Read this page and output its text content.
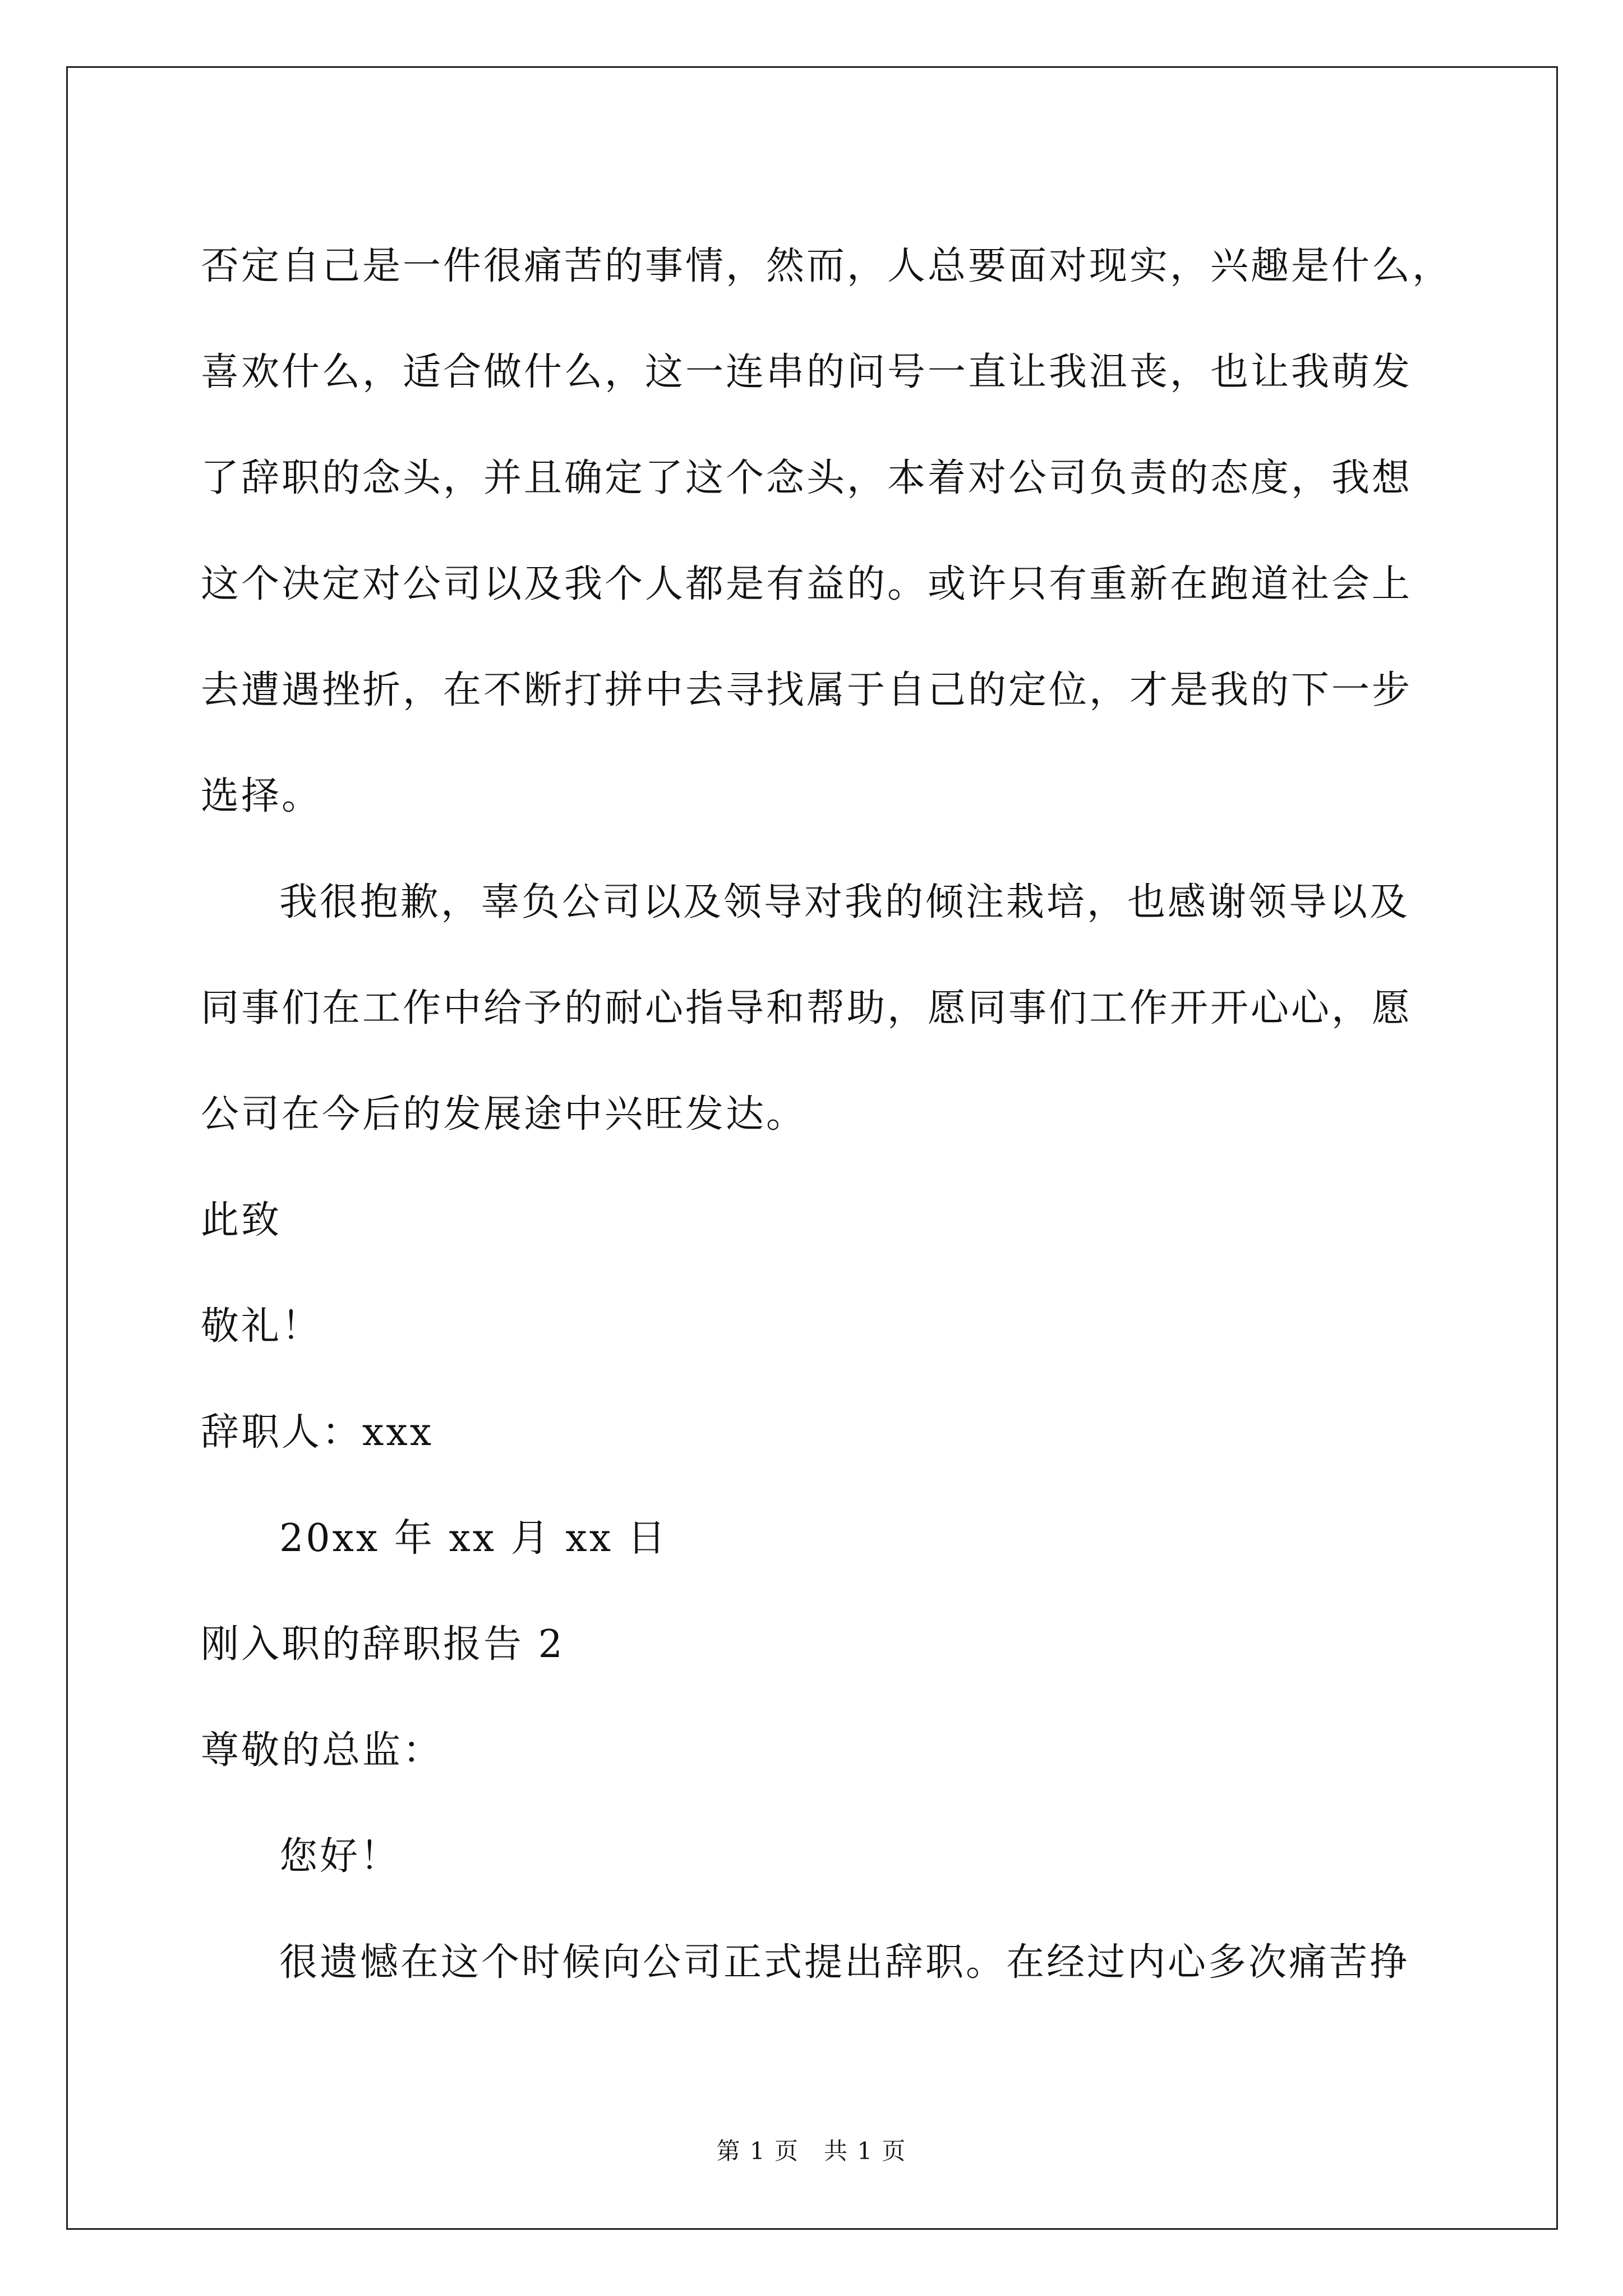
否定自己是一件很痛苦的事情，然而，人总要面对现实，兴趣是什么，
喜欢什么，适合做什么，这一连串的问号一直让我沮丧，也让我萌发
了辞职的念头，并且确定了这个念头，本着对公司负责的态度，我想
这个决定对公司以及我个人都是有益的。或许只有重新在跑道社会上
去遭遇挫折，在不断打拼中去寻找属于自己的定位，才是我的下一步
选择。
我很抱歉，辜负公司以及领导对我的倾注栽培，也感谢领导以及
同事们在工作中给予的耐心指导和帮助，愿同事们工作开开心心，愿
公司在今后的发展途中兴旺发达。
此致
敬礼！
辞职人：xxx
20xx 年 xx 月 xx 日
刚入职的辞职报告 2
尊敬的总监：
您好！
很遗憾在这个时候向公司正式提出辞职。在经过内心多次痛苦挣
第 1 页　共 1 页
